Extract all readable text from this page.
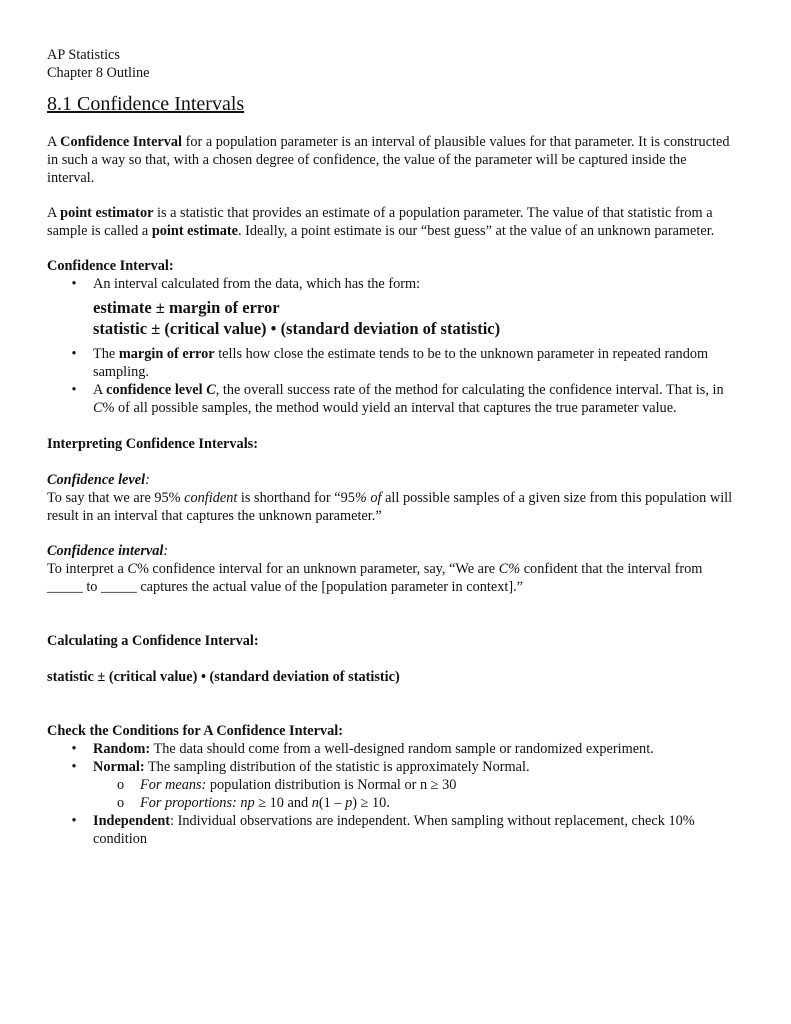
AP Statistics
Chapter 8 Outline
8.1 Confidence Intervals

A Confidence Interval for a population parameter is an interval of plausible values for that parameter. It is constructed in such a way so that, with a chosen degree of confidence, the value of the parameter will be captured inside the interval.

A point estimator is a statistic that provides an estimate of a population parameter. The value of that statistic from a sample is called a point estimate. Ideally, a point estimate is our “best guess” at the value of an unknown parameter.

Confidence Interval:

•	An interval calculated from the data, which has the form:
estimate ± margin of error
statistic ± (critical value) • (standard deviation of statistic)
•	The margin of error tells how close the estimate tends to be to the unknown parameter in repeated random sampling.
•	A confidence level C, the overall success rate of the method for calculating the confidence interval. That is, in C% of all possible samples, the method would yield an interval that captures the true parameter value.

Interpreting Confidence Intervals:

Confidence level:

To say that we are 95% confident is shorthand for “95% of all possible samples of a given size from this population will result in an interval that captures the unknown parameter.”

Confidence interval:

To interpret a C% confidence interval for an unknown parameter, say, “We are C% confident that the interval from _____ to _____ captures the actual value of the [population parameter in context].”

Calculating a Confidence Interval:

statistic ± (critical value) • (standard deviation of statistic)

Check the Conditions for A Confidence Interval:

•	Random: The data should come from a well-designed random sample or randomized experiment.
•	Normal: The sampling distribution of the statistic is approximately Normal.
o For means: population distribution is Normal or n ≥ 30
o For proportions: np ≥ 10 and n(1 – p) ≥ 10.
•	Independent: Individual observations are independent. When sampling without replacement, check 10% condition
